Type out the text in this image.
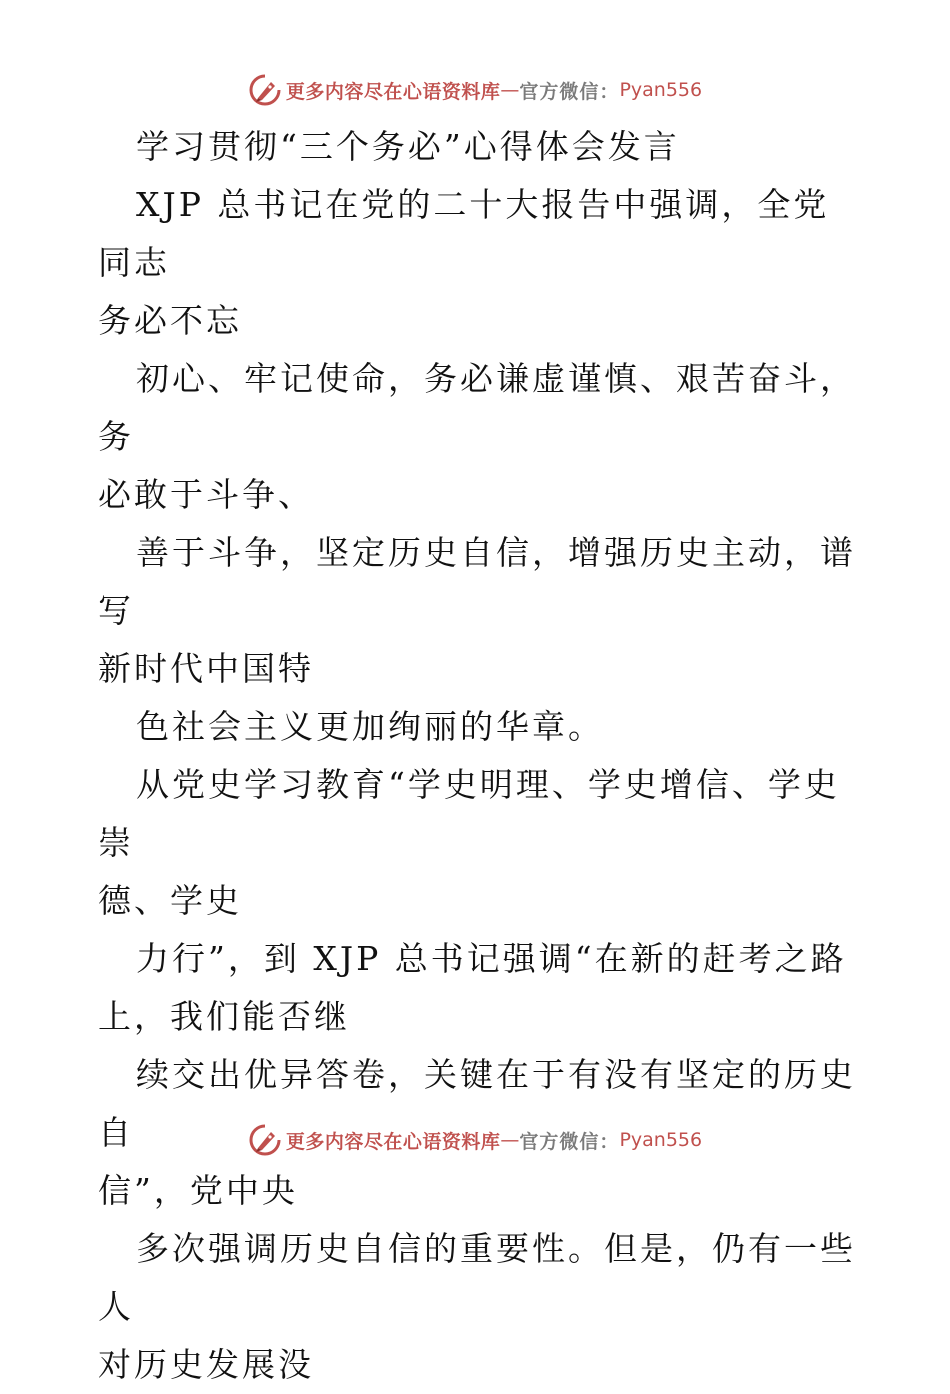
更多内容尽在心语资料库 — 官方微信： Pyan556

学习贯彻“三个务必”心得体会发言

XJP 总书记在党的二十大报告中强调，全党同志

务必不忘

初心、牢记使命，务必谦虚谨慎、艰苦奋斗，务

必敢于斗争、

善于斗争，坚定历史自信，增强历史主动，谱写

新时代中国特

色社会主义更加绚丽的华章。

从党史学习教育“学史明理、学史增信、学史崇

德、学史

力行”，到 XJP 总书记强调“在新的赶考之路

上，我们能否继

续交出优异答卷，关键在于有没有坚定的历史自

信”，党中央

多次强调历史自信的重要性。但是，仍有一些人

对历史发展没

更多内容尽在心语资料库 — 官方微信： Pyan556
